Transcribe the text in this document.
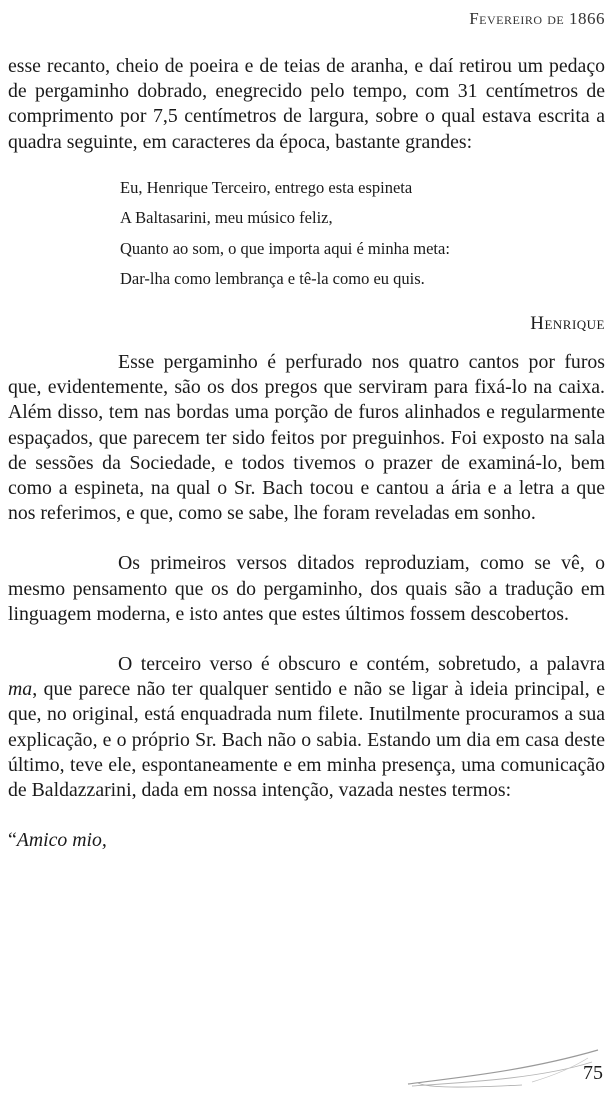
Fevereiro de 1866

esse recanto, cheio de poeira e de teias de aranha, e daí retirou um pedaço de pergaminho dobrado, enegrecido pelo tempo, com 31 centímetros de comprimento por 7,5 centímetros de largura, sobre o qual estava escrita a quadra seguinte, em caracteres da época, bastante grandes:

Eu, Henrique Terceiro, entrego esta espineta
A Baltasarini, meu músico feliz,
Quanto ao som, o que importa aqui é minha meta:
Dar-lha como lembrança e tê-la como eu quis.
Henrique

Esse pergaminho é perfurado nos quatro cantos por furos que, evidentemente, são os dos pregos que serviram para fixá-lo na caixa. Além disso, tem nas bordas uma porção de furos alinhados e regularmente espaçados, que parecem ter sido feitos por preguinhos. Foi exposto na sala de sessões da Sociedade, e todos tivemos o prazer de examiná-lo, bem como a espineta, na qual o Sr. Bach tocou e cantou a ária e a letra a que nos referimos, e que, como se sabe, lhe foram reveladas em sonho.

Os primeiros versos ditados reproduziam, como se vê, o mesmo pensamento que os do pergaminho, dos quais são a tradução em linguagem moderna, e isto antes que estes últimos fossem descobertos.

O terceiro verso é obscuro e contém, sobretudo, a palavra ma, que parece não ter qualquer sentido e não se ligar à ideia principal, e que, no original, está enquadrada num filete. Inutilmente procuramos a sua explicação, e o próprio Sr. Bach não o sabia. Estando um dia em casa deste último, teve ele, espontaneamente e em minha presença, uma comunicação de Baldazzarini, dada em nossa intenção, vazada nestes termos:

“Amico mio,

75
